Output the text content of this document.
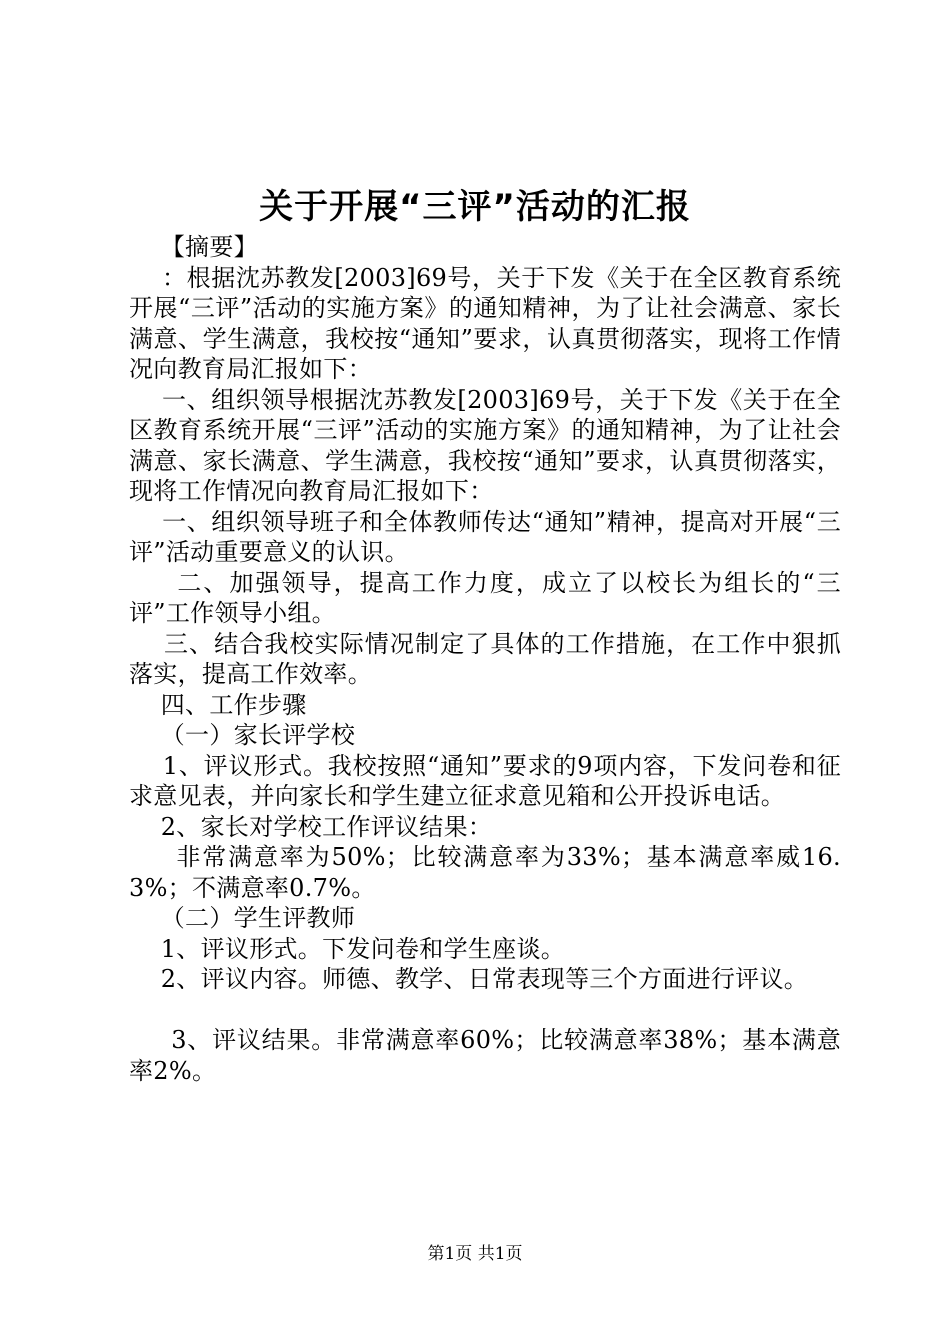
关于开展“三评”活动的汇报

【摘要】

：根据沈苏教发[2003]69号，关于下发《关于在全区教育系统开展“三评”活动的实施方案》的通知精神，为了让社会满意、家长满意、学生满意，我校按“通知”要求，认真贯彻落实，现将工作情况向教育局汇报如下：

一、组织领导根据沈苏教发[2003]69号，关于下发《关于在全区教育系统开展“三评”活动的实施方案》的通知精神，为了让社会满意、家长满意、学生满意，我校按“通知”要求，认真贯彻落实，现将工作情况向教育局汇报如下：

一、组织领导班子和全体教师传达“通知”精神，提高对开展“三评”活动重要意义的认识。

二、加强领导，提高工作力度，成立了以校长为组长的“三评”工作领导小组。

三、结合我校实际情况制定了具体的工作措施，在工作中狠抓落实，提高工作效率。

四、工作步骤

（一）家长评学校

1、评议形式。我校按照“通知”要求的9项内容，下发问卷和征求意见表，并向家长和学生建立征求意见箱和公开投诉电话。

2、家长对学校工作评议结果：

非常满意率为50%；比较满意率为33%；基本满意率威16.3%；不满意率0.7%。

（二）学生评教师

1、评议形式。下发问卷和学生座谈。

2、评议内容。师德、教学、日常表现等三个方面进行评议。

3、评议结果。非常满意率60%；比较满意率38%；基本满意率2%。

第1页 共1页
